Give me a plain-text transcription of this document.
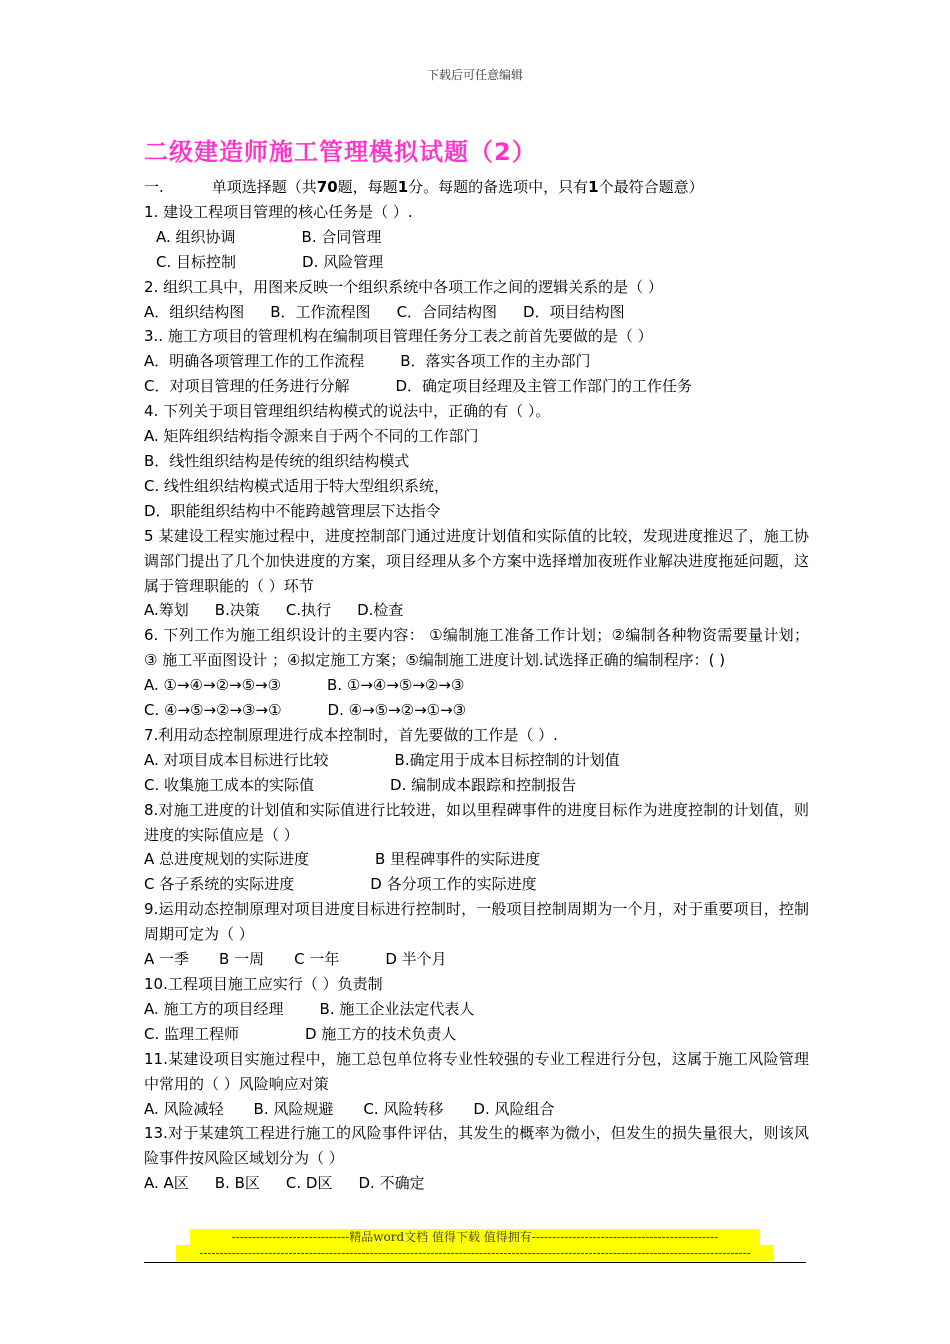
下载后可任意编辑
二级建造师施工管理模拟试题（2）

一.	单项选择题（共70题，每题1分。每题的备选项中，只有1个最符合题意）

1. 建设工程项目管理的核心任务是（ ）.

A. 组织协调	B. 合同管理

C. 目标控制	D. 风险管理

2. 组织工具中，用图来反映一个组织系统中各项工作之间的逻辑关系的是（ ）

A．组织结构图 B．工作流程图 C．合同结构图 D．项目结构图

3.. 施工方项目的管理机构在编制项目管理任务分工表之前首先要做的是（ ）

A．明确各项管理工作的工作流程 B．落实各项工作的主办部门

C．对项目管理的任务进行分解	D．确定项目经理及主管工作部门的工作任务

4. 下列关于项目管理组织结构模式的说法中，正确的有（ ）。

A. 矩阵组织结构指令源来自于两个不同的工作部门

B．线性组织结构是传统的组织结构模式

C. 线性组织结构模式适用于特大型组织系统，

D．职能组织结构中不能跨越管理层下达指令

5 某建设工程实施过程中，进度控制部门通过进度计划值和实际值的比较，发现进度推迟了，施工协调部门提出了几个加快进度的方案，项目经理从多个方案中选择增加夜班作业解决进度拖延问题，这属于管理职能的（ ）环节

A.筹划 B.决策 C.执行 D.检查

6. 下列工作为施工组织设计的主要内容： ①编制施工准备工作计划；②编制各种物资需要量计划； ③ 施工平面图设计 ；④拟定施工方案；⑤编制施工进度计划.试选择正确的编制程序：( )

A. ①→④→②→⑤→③	B. ①→④→⑤→②→③

C. ④→⑤→②→③→①	D. ④→⑤→②→①→③

7.利用动态控制原理进行成本控制时，首先要做的工作是（ ）.

A. 对项目成本目标进行比较	B.确定用于成本目标控制的计划值

C. 收集施工成本的实际值	D. 编制成本跟踪和控制报告

8.对施工进度的计划值和实际值进行比较进，如以里程碑事件的进度目标作为进度控制的计划值，则进度的实际值应是（ ）

A 总进度规划的实际进度	B 里程碑事件的实际进度

C 各子系统的实际进度	D 各分项工作的实际进度

9.运用动态控制原理对项目进度目标进行控制时，一般项目控制周期为一个月，对于重要项目，控制周期可定为（ ）

A 一季 B 一周 C 一年	D 半个月

10.工程项目施工应实行（ ）负责制

A. 施工方的项目经理 B. 施工企业法定代表人

C. 监理工程师	D 施工方的技术负责人

11.某建设项目实施过程中，施工总包单位将专业性较强的专业工程进行分包，这属于施工风险管理中常用的（ ）风险响应对策

A. 风险减轻 B. 风险规避 C. 风险转移 D. 风险组合

13.对于某建筑工程进行施工的风险事件评估，其发生的概率为微小，但发生的损失量很大，则该风险事件按风险区域划分为（ ）

A. A区 B. B区 C. D区 D. 不确定

-----------------------------精品word文档 值得下载 值得拥有----------------------------------------------
----------------------------------------------------------------------------------------------------------------------------------------
